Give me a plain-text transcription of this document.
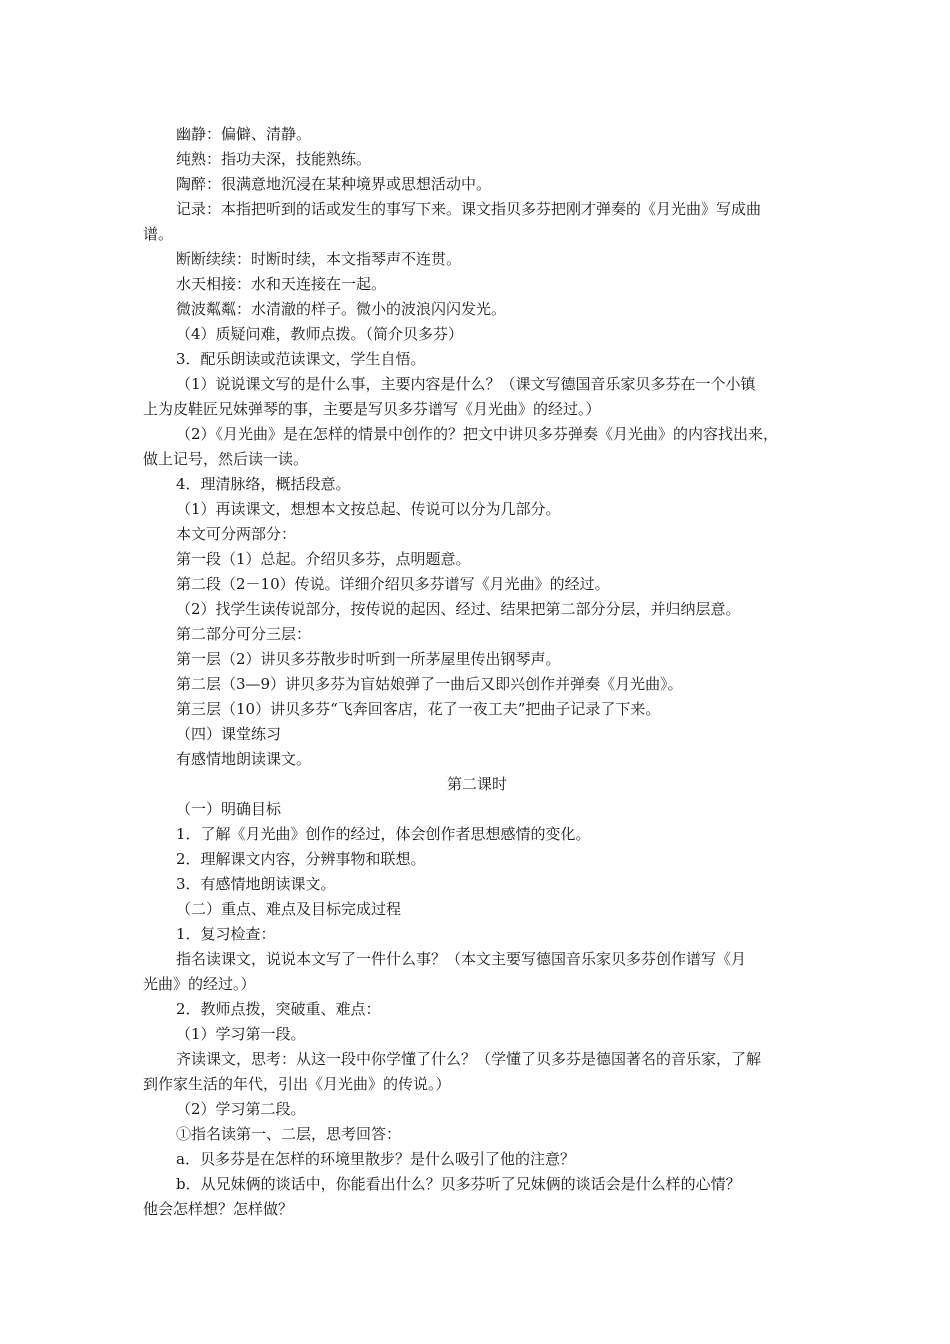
幽静：偏僻、清静。

纯熟：指功夫深，技能熟练。

陶醉：很满意地沉浸在某种境界或思想活动中。

记录：本指把听到的话或发生的事写下来。课文指贝多芬把刚才弹奏的《月光曲》写成曲

谱。

断断续续：时断时续，本文指琴声不连贯。

水天相接：水和天连接在一起。

微波粼粼：水清澈的样子。微小的波浪闪闪发光。

（4）质疑问难，教师点拨。（简介贝多芬）

3．配乐朗读或范读课文，学生自悟。

（1）说说课文写的是什么事，主要内容是什么？（课文写德国音乐家贝多芬在一个小镇

上为皮鞋匠兄妹弹琴的事，主要是写贝多芬谱写《月光曲》的经过。）

（2）《月光曲》是在怎样的情景中创作的？把文中讲贝多芬弹奏《月光曲》的内容找出来，

做上记号，然后读一读。

4．理清脉络，概括段意。

（1）再读课文，想想本文按总起、传说可以分为几部分。

本文可分两部分：

第一段（1）总起。介绍贝多芬，点明题意。

第二段（2－10）传说。详细介绍贝多芬谱写《月光曲》的经过。

（2）找学生读传说部分，按传说的起因、经过、结果把第二部分分层，并归纳层意。

第二部分可分三层：

第一层（2）讲贝多芬散步时听到一所茅屋里传出钢琴声。

第二层（3—9）讲贝多芬为盲姑娘弹了一曲后又即兴创作并弹奏《月光曲》。

第三层（10）讲贝多芬“飞奔回客店，花了一夜工夫”把曲子记录了下来。

（四）课堂练习

有感情地朗读课文。

第二课时

（一）明确目标

1．了解《月光曲》创作的经过，体会创作者思想感情的变化。

2．理解课文内容，分辨事物和联想。

3．有感情地朗读课文。

（二）重点、难点及目标完成过程

1．复习检查：

指名读课文，说说本文写了一件什么事？（本文主要写德国音乐家贝多芬创作谱写《月

光曲》的经过。）

2．教师点拨，突破重、难点：

（1）学习第一段。

齐读课文，思考：从这一段中你学懂了什么？（学懂了贝多芬是德国著名的音乐家，了解

到作家生活的年代，引出《月光曲》的传说。）

（2）学习第二段。

①指名读第一、二层，思考回答：

a．贝多芬是在怎样的环境里散步？是什么吸引了他的注意？

b．从兄妹俩的谈话中，你能看出什么？贝多芬听了兄妹俩的谈话会是什么样的心情？

他会怎样想？怎样做？
